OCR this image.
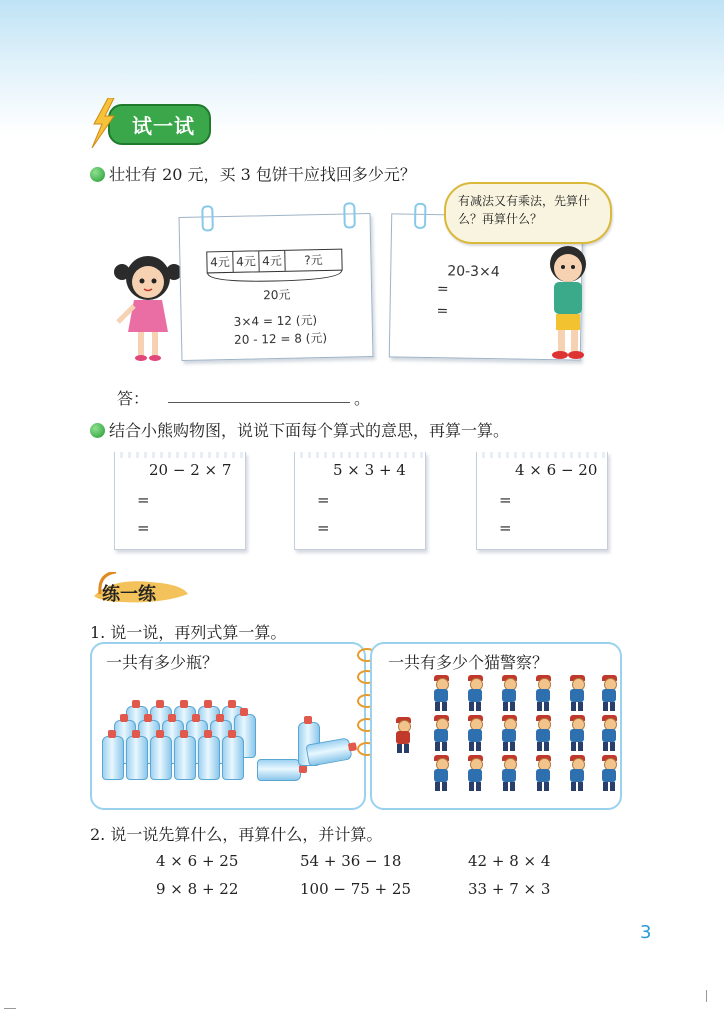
试一试
壮壮有 20 元，买 3 包饼干应找回多少元？
4元 4元 4元	?元
20元
3×4 = 12 (元)
20 - 12 = 8 (元)
20-3×4
=
=
有减法又有乘法，先算什么？再算什么？
答：	。
结合小熊购物图，说说下面每个算式的意思，再算一算。
20 − 2 × 7
=
=
5 × 3 + 4
=
=
4 × 6 − 20
=
=
练一练
1. 说一说，再列式算一算。
一共有多少瓶？	一共有多少个猫警察？
2. 说一说先算什么，再算什么，并计算。
4 × 6 + 25	54 + 36 − 18	42 + 8 × 4
9 × 8 + 22	100 − 75 + 25	33 + 7 × 3
3
